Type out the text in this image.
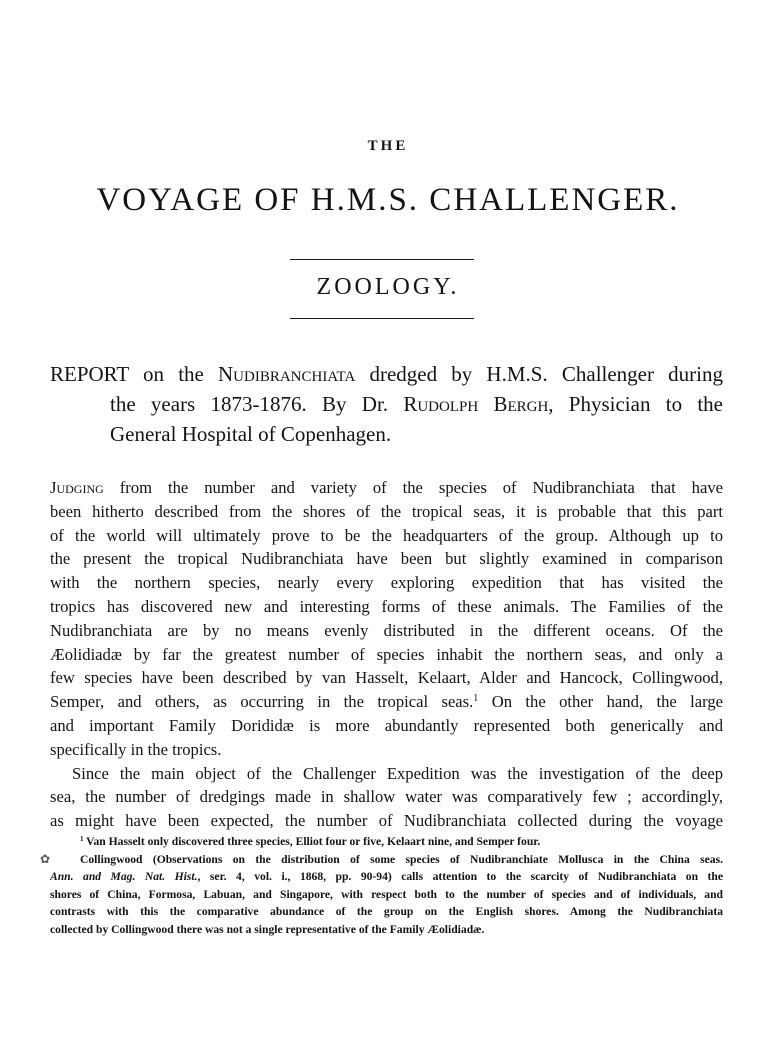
THE
VOYAGE OF H.M.S. CHALLENGER.
ZOOLOGY.
REPORT on the Nudibranchiata dredged by H.M.S. Challenger during
the years 1873-1876. By Dr. Rudolph Bergh, Physician to the
General Hospital of Copenhagen.
Judging from the number and variety of the species of Nudibranchiata that have
been hitherto described from the shores of the tropical seas, it is probable that this part
of the world will ultimately prove to be the headquarters of the group. Although up to
the present the tropical Nudibranchiata have been but slightly examined in comparison
with the northern species, nearly every exploring expedition that has visited the
tropics has discovered new and interesting forms of these animals. The Families of the
Nudibranchiata are by no means evenly distributed in the different oceans. Of the
Æolidiadæ by far the greatest number of species inhabit the northern seas, and only a
few species have been described by van Hasselt, Kelaart, Alder and Hancock, Collingwood,
Semper, and others, as occurring in the tropical seas.$^1$ On the other hand, the large
and important Family Dorididæ is more abundantly represented both generically and
specifically in the tropics.
Since the main object of the Challenger Expedition was the investigation of the deep
sea, the number of dredgings made in shallow water was comparatively few ; accordingly,
as might have been expected, the number of Nudibranchiata collected during the voyage
✿
$^1$ Van Hasselt only discovered three species, Elliot four or five, Kelaart nine, and Semper four.
Collingwood (Observations on the distribution of some species of Nudibranchiate Mollusca in the China seas.
Ann. and Mag. Nat. Hist., ser. 4, vol. i., 1868, pp. 90-94) calls attention to the scarcity of Nudibranchiata on the
shores of China, Formosa, Labuan, and Singapore, with respect both to the number of species and of individuals, and
contrasts with this the comparative abundance of the group on the English shores. Among the Nudibranchiata
collected by Collingwood there was not a single representative of the Family Æolidiadæ.
